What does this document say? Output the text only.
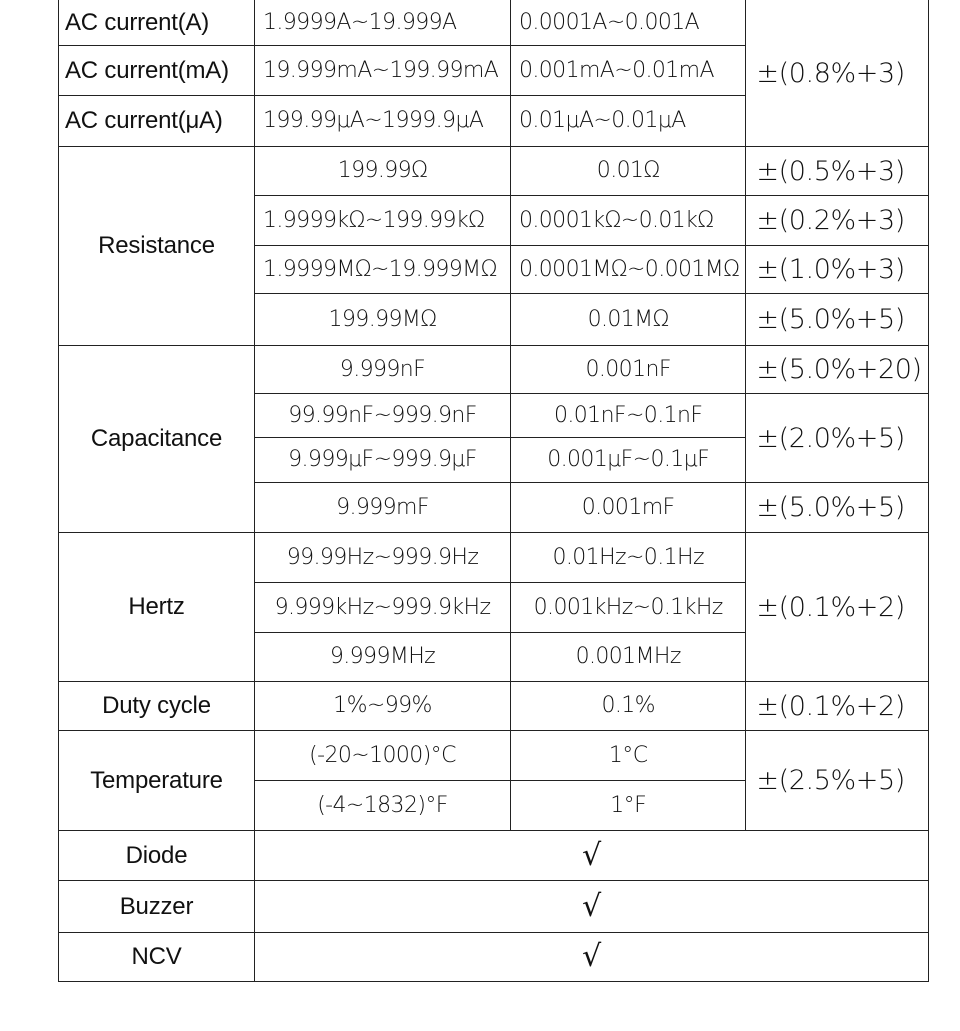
AC current(A)	1.9999A~19.999A	0.0001A~0.001A	±(0.8%+3)
AC current(mA)	19.999mA~199.99mA	0.001mA~0.01mA	
AC current(μA)	199.99μA~1999.9μA	0.01μA~0.01μA	
Resistance	199.99Ω	0.01Ω	±(0.5%+3)
	1.9999kΩ~199.99kΩ	0.0001kΩ~0.01kΩ	±(0.2%+3)
	1.9999MΩ~19.999MΩ	0.0001MΩ~0.001MΩ	±(1.0%+3)
	199.99MΩ	0.01MΩ	±(5.0%+5)
Capacitance	9.999nF	0.001nF	±(5.0%+20)
	99.99nF~999.9nF	0.01nF~0.1nF	±(2.0%+5)
	9.999μF~999.9μF	0.001μF~0.1μF	
	9.999mF	0.001mF	±(5.0%+5)
Hertz	99.99Hz~999.9Hz	0.01Hz~0.1Hz	±(0.1%+2)
	9.999kHz~999.9kHz	0.001kHz~0.1kHz	
	9.999MHz	0.001MHz	
Duty cycle	1%~99%	0.1%	±(0.1%+2)
Temperature	(-20~1000)°C	1°C	±(2.5%+5)
	(-4~1832)°F	1°F	
Diode	√		
Buzzer	√		
NCV	√		
